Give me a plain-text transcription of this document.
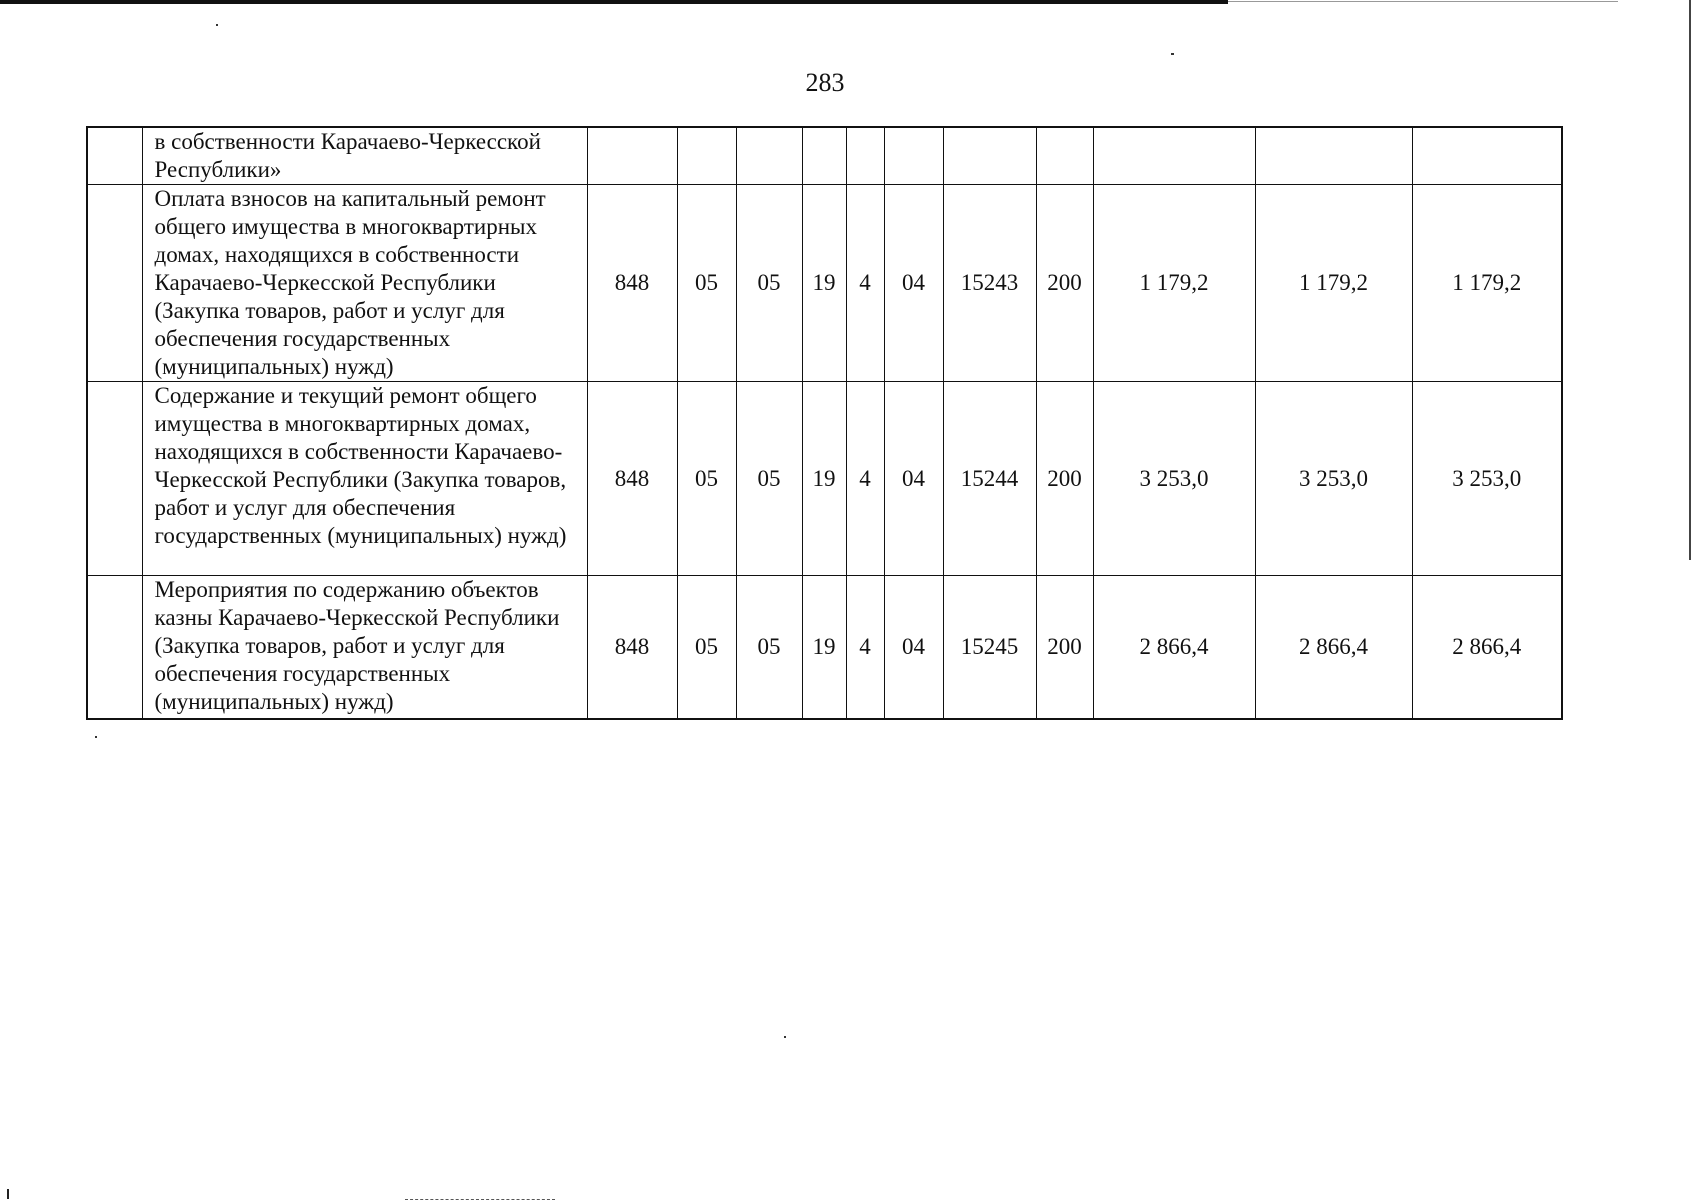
283
	в собственности Карачаево-Черкесской Республики»											
	Оплата взносов на капитальный ремонт общего имущества в многоквартирных домах, находящихся в собственности Карачаево-Черкесской Республики (Закупка товаров, работ и услуг для обеспечения государственных (муниципальных) нужд)	848	05	05	19	4	04	15243	200	1 179,2	1 179,2	1 179,2
	Содержание и текущий ремонт общего имущества в многоквартирных домах, находящихся в собственности Карачаево-Черкесской Республики (Закупка товаров, работ и услуг для обеспечения государственных (муниципальных) нужд)	848	05	05	19	4	04	15244	200	3 253,0	3 253,0	3 253,0
	Мероприятия по содержанию объектов казны Карачаево-Черкесской Республики (Закупка товаров, работ и услуг для обеспечения государственных (муниципальных) нужд)	848	05	05	19	4	04	15245	200	2 866,4	2 866,4	2 866,4
